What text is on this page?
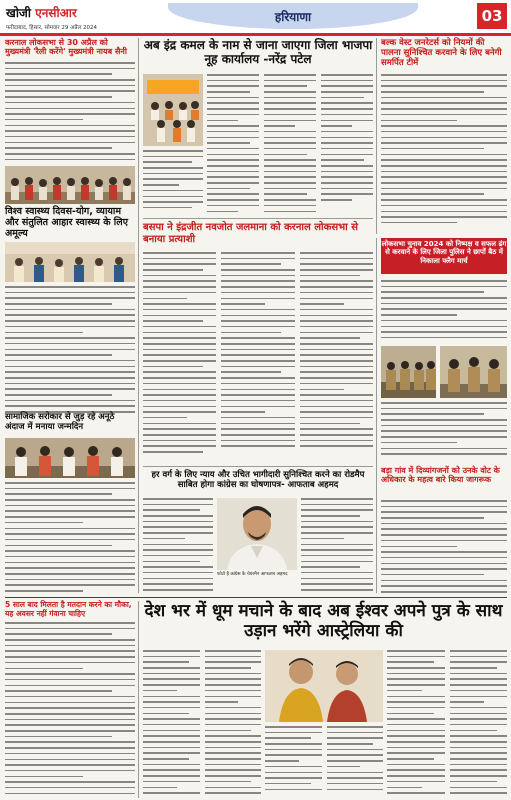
खोजी एनसीआर
फरीदाबाद, हिसार, सोमवार 29 अप्रैल 2024
हरियाणा	03
करनाल लोकसभा से 30 अप्रैल को मुख्यमंत्री 'रैली करेंगे' मुख्यमंत्री नायब सैनी
विश्व स्वास्थ्य दिवस-योग, व्यायाम और संतुलित आहार स्वास्थ्य के लिए अमूल्य
सामाजिक सरोकार से जुड़ रहे अनूठे अंदाज में मनाया जन्मदिन
अब इंद्र कमल के नाम से जाना जाएगा जिला भाजपा नूह कार्यालय -नरेंद्र पटेल
बल्क वेस्ट जनरेटर्स को नियमों की पालना सुनिश्चित करवाने के लिए बनेगी समर्पित टीमें
बसपा ने इंद्रजीत नवजोत जलमाना को करनाल लोकसभा से बनाया प्रत्याशी	लोकसभा चुनाव 2024 को निष्पक्ष व सफल ढंग से करवाने के लिए जिला पुलिस ने छापों बैठ में निकाला फ्लैग मार्च
हर वर्ग के लिए न्याय और उचित भागीदारी सुनिश्चित करने का रोडमैप साबित होगा कांग्रेस का घोषणापत्र- आफताब अहमद
फोटो है कांग्रेस के चेयरमैन आफताब अहमद
बड़ा गांव में दिव्यांगजनों को उनके वोट के अधिकार के महत्व बारे किया जागरूक
देश भर में धूम मचाने के बाद अब ईश्वर अपने पुत्र के साथ उड़ान भरेंगे आस्ट्रेलिया की
5 साल बाद मिलता है मतदान करने का मौका, यह अवसर नहीं गंवाना चाहिए
